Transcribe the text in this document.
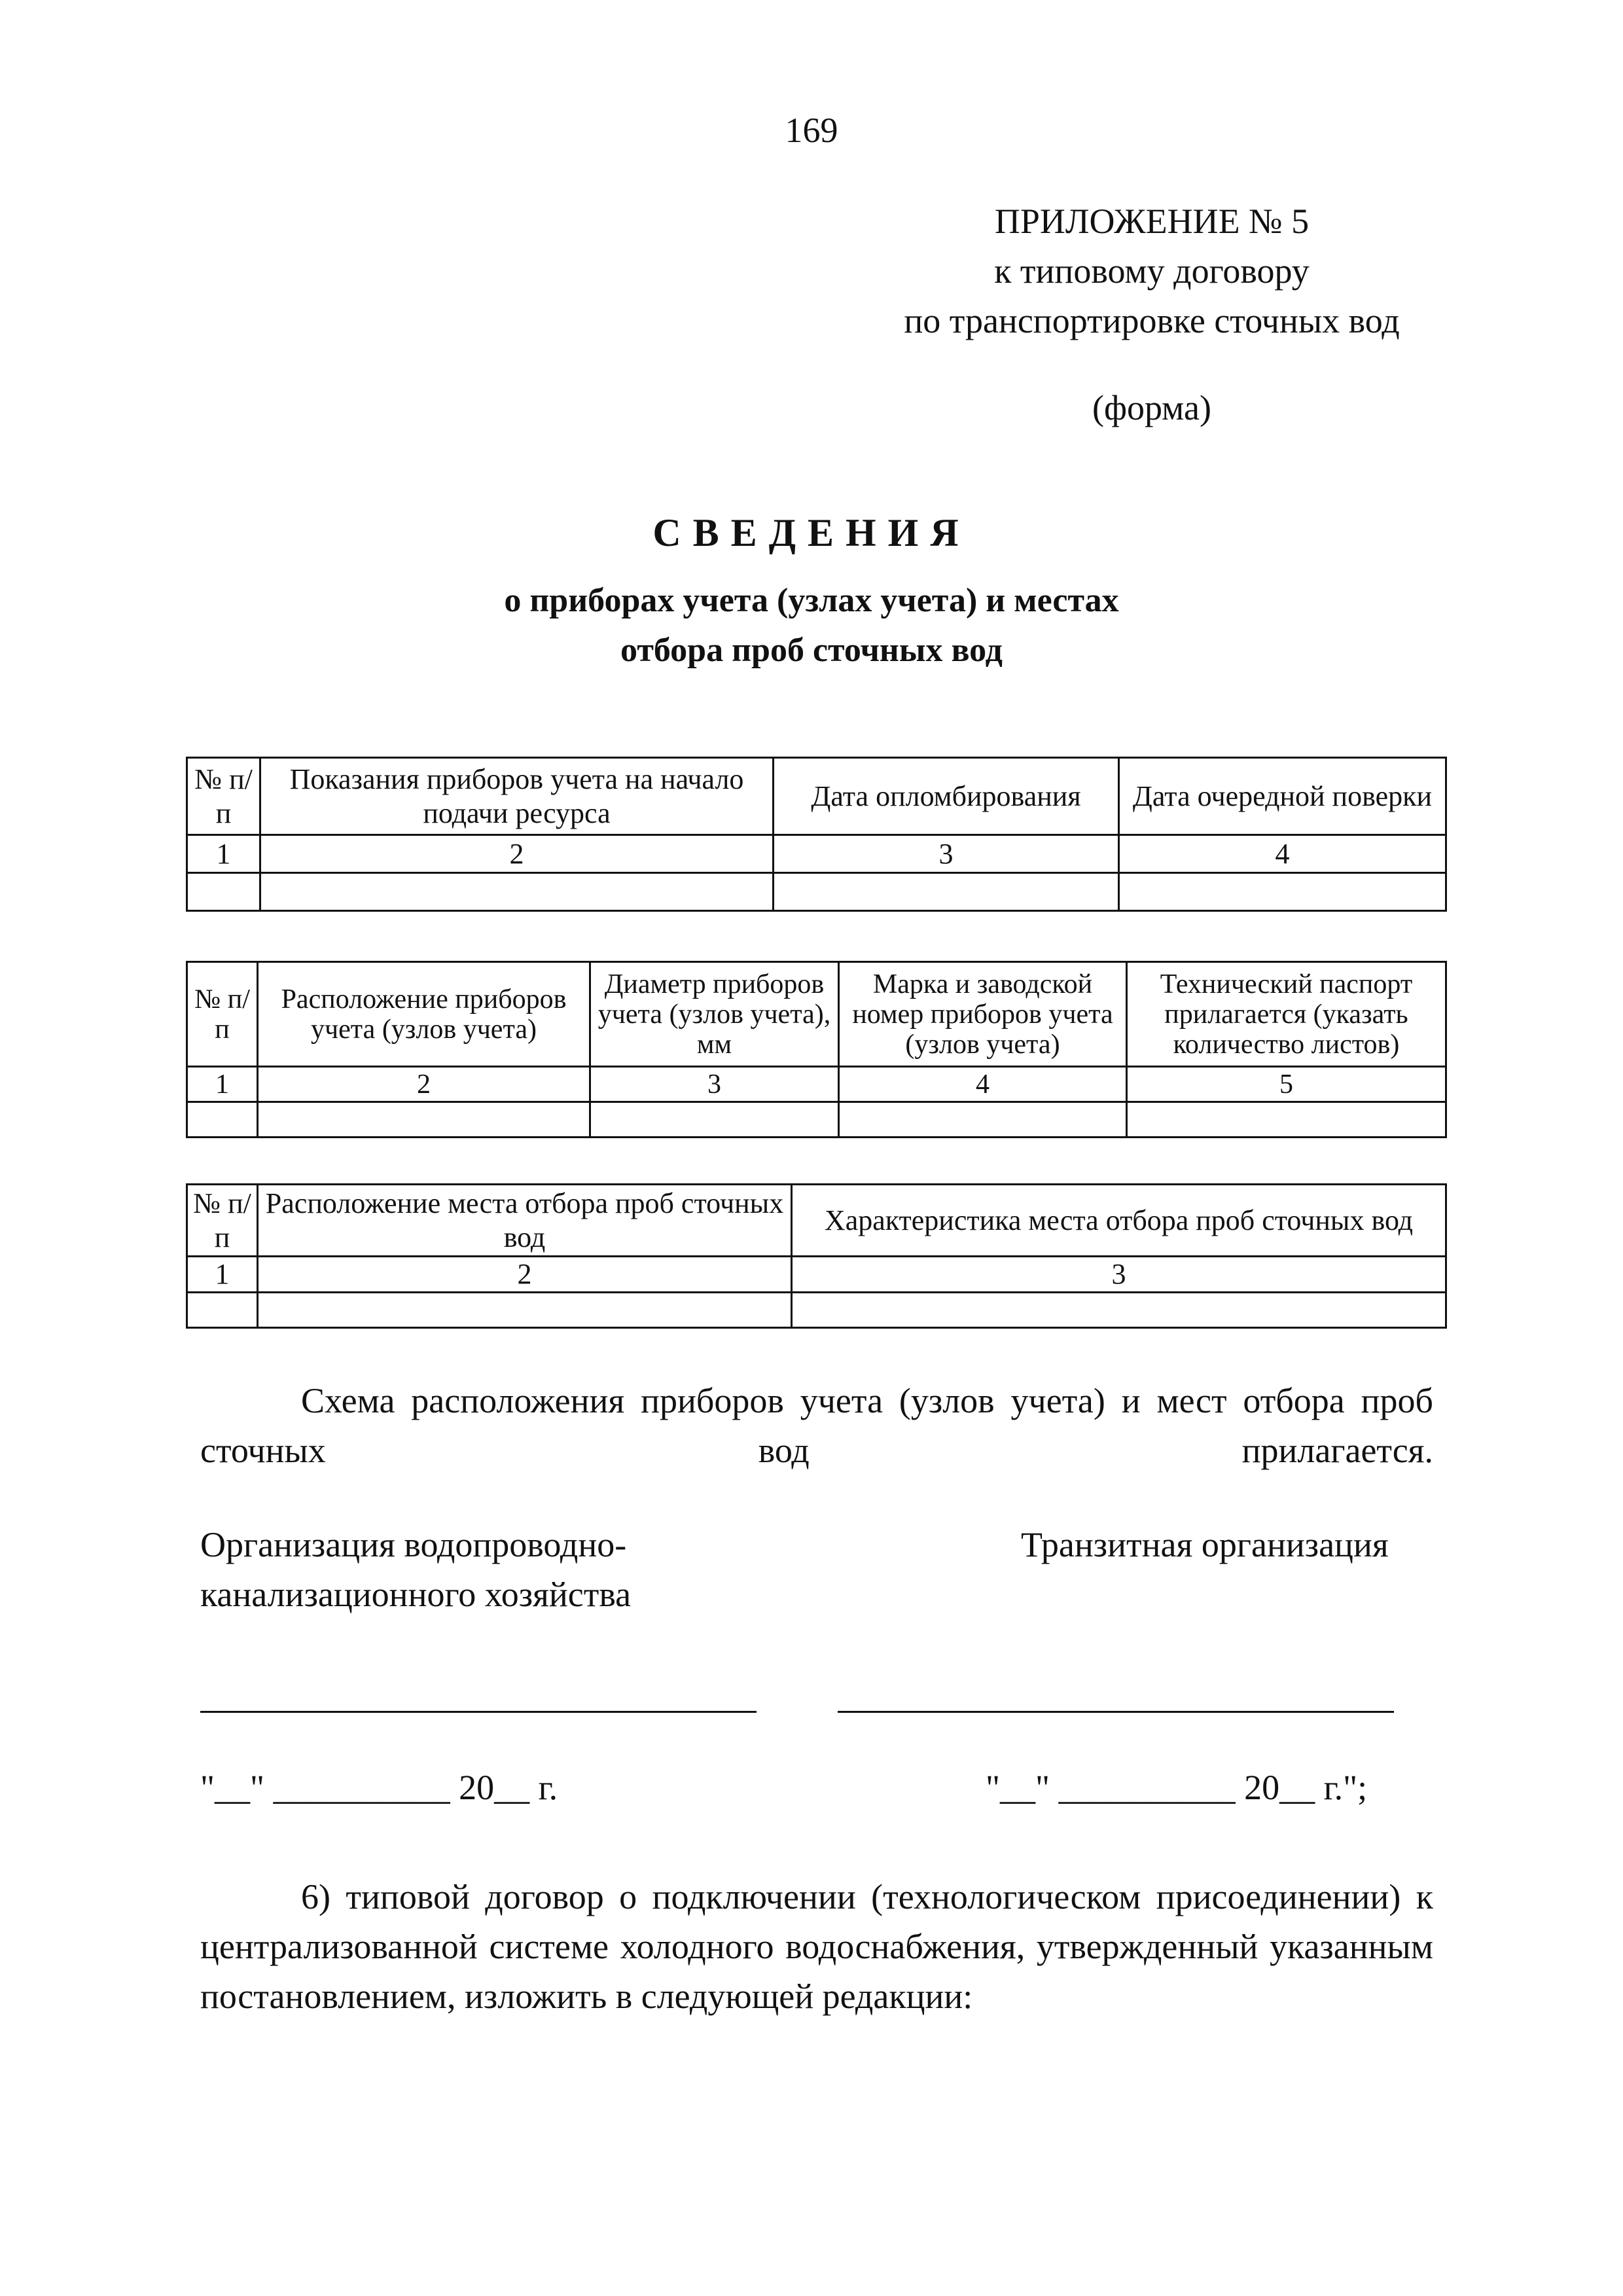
169
ПРИЛОЖЕНИЕ № 5
к типовому договору
по транспортировке сточных вод
(форма)
СВЕДЕНИЯ
о приборах учета (узлах учета) и местах
отбора проб сточных вод
№ п/п	Показания приборов учета на начало подачи ресурса	Дата опломбирования	Дата очередной поверки
1	2	3	4

№ п/п	Расположение приборов учета (узлов учета)	Диаметр приборов учета (узлов учета), мм	Марка и заводской номер приборов учета (узлов учета)	Технический паспорт прилагается (указать количество листов)
1	2	3	4	5

№ п/п	Расположение места отбора проб сточных вод	Характеристика места отбора проб сточных вод
1	2	3

Схема расположения приборов учета (узлов учета) и мест отбора проб сточных вод прилагается.
Организация водопроводно-
канализационного хозяйства
Транзитная организация
"__" __________ 20__ г.	"__" __________ 20__ г.";
6) типовой договор о подключении (технологическом присоединении) к централизованной системе холодного водоснабжения, утвержденный указанным постановлением, изложить в следующей редакции:
